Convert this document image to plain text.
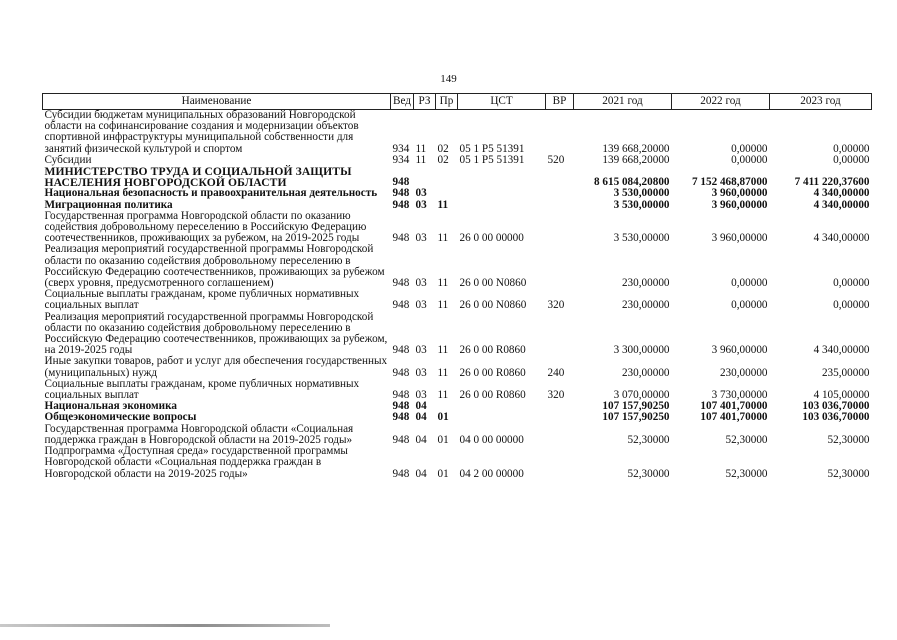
149
Наименование	Вед	РЗ	Пр	ЦСТ	ВР	2021 год	2022 год	2023 год
Субсидии бюджетам муниципальных образований Новгородской области на софинансирование создания и модернизации объектов спортивной инфраструктуры муниципальной собственности для занятий физической культурой и спортом	934	11	02	05 1 P5 51391		139 668,20000	0,00000	0,00000
Субсидии	934	11	02	05 1 P5 51391	520	139 668,20000	0,00000	0,00000
МИНИСТЕРСТВО ТРУДА И СОЦИАЛЬНОЙ ЗАЩИТЫ НАСЕЛЕНИЯ НОВГОРОДСКОЙ ОБЛАСТИ	948					8 615 084,20800	7 152 468,87000	7 411 220,37600
Национальная безопасность и правоохранительная деятельность	948	03				3 530,00000	3 960,00000	4 340,00000
Миграционная политика	948	03	11			3 530,00000	3 960,00000	4 340,00000
Государственная программа Новгородской области по оказанию содействия добровольному переселению в Российскую Федерацию соотечественников, проживающих за рубежом, на 2019-2025 годы	948	03	11	26 0 00 00000		3 530,00000	3 960,00000	4 340,00000
Реализация мероприятий государственной программы Новгородской области по оказанию содействия добровольному переселению в Российскую Федерацию соотечественников, проживающих за рубежом (сверх уровня, предусмотренного соглашением)	948	03	11	26 0 00 N0860		230,00000	0,00000	0,00000
Социальные выплаты гражданам, кроме публичных нормативных социальных выплат	948	03	11	26 0 00 N0860	320	230,00000	0,00000	0,00000
Реализация мероприятий государственной программы Новгородской области по оказанию содействия добровольному переселению в Российскую Федерацию соотечественников, проживающих за рубежом, на 2019-2025 годы	948	03	11	26 0 00 R0860		3 300,00000	3 960,00000	4 340,00000
Иные закупки товаров, работ и услуг для обеспечения государственных (муниципальных) нужд	948	03	11	26 0 00 R0860	240	230,00000	230,00000	235,00000
Социальные выплаты гражданам, кроме публичных нормативных социальных выплат	948	03	11	26 0 00 R0860	320	3 070,00000	3 730,00000	4 105,00000
Национальная экономика	948	04				107 157,90250	107 401,70000	103 036,70000
Общеэкономические вопросы	948	04	01			107 157,90250	107 401,70000	103 036,70000
Государственная программа Новгородской области «Социальная поддержка граждан в Новгородской области на 2019-2025 годы»	948	04	01	04 0 00 00000		52,30000	52,30000	52,30000
Подпрограмма «Доступная среда» государственной программы Новгородской области «Социальная поддержка граждан в Новгородской области на 2019-2025 годы»	948	04	01	04 2 00 00000		52,30000	52,30000	52,30000
